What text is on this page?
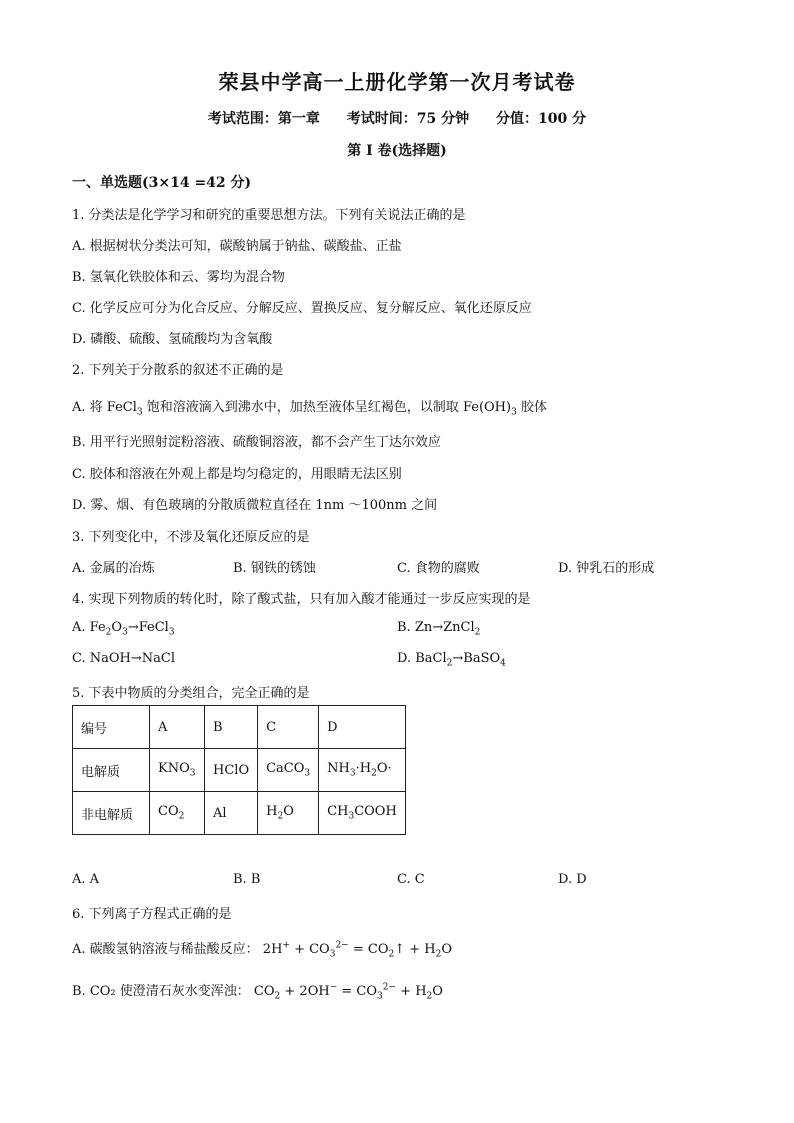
荣县中学高一上册化学第一次月考试卷
考试范围：第一章 考试时间：75 分钟 分值：100 分
第 I 卷(选择题)
一、单选题(3×14 =42 分)
1. 分类法是化学学习和研究的重要思想方法。下列有关说法正确的是
A. 根据树状分类法可知，碳酸钠属于钠盐、碳酸盐、正盐
B. 氢氧化铁胶体和云、雾均为混合物
C. 化学反应可分为化合反应、分解反应、置换反应、复分解反应、氧化还原反应
D. 磷酸、硫酸、氢硫酸均为含氧酸
2. 下列关于分散系的叙述不正确的是
A. 将 FeCl$_3$ 饱和溶液滴入到沸水中，加热至液体呈红褐色，以制取 $Fe(OH)_3$ 胶体
B. 用平行光照射淀粉溶液、硫酸铜溶液，都不会产生丁达尔效应
C. 胶体和溶液在外观上都是均匀稳定的，用眼睛无法区别
D. 雾、烟、有色玻璃的分散质微粒直径在 1nm ～100nm 之间
3. 下列变化中，不涉及氧化还原反应的是
A. 金属的冶炼	B. 钢铁的锈蚀	C. 食物的腐败	D. 钟乳石的形成
4. 实现下列物质的转化时，除了酸式盐，只有加入酸才能通过一步反应实现的是
A. $Fe_2O_3\to FeCl_3$	B. Zn→ZnCl$_2$
C. NaOH→NaCl	D. BaCl$_2$→BaSO$_4$
5. 下表中物质的分类组合，完全正确的是
编号	A	B	C	D
电解质	$KNO_3$	HClO	CaCO$_3$	$NH_3\cdot H_2O\cdot$
非电解质	$CO_2$	Al	$H_2O$	$CH_3COOH$
A. A	B. B	C. C	D. D
6. 下列离子方程式正确的是
A. 碳酸氢钠溶液与稀盐酸反应： $2H^+ + CO_3^{2-}$ = $CO_2↑ + H_2O$
B. CO₂ 使澄清石灰水变浑浊： $CO_2 + 2OH^- = CO_3^{2-} + H_2O$
